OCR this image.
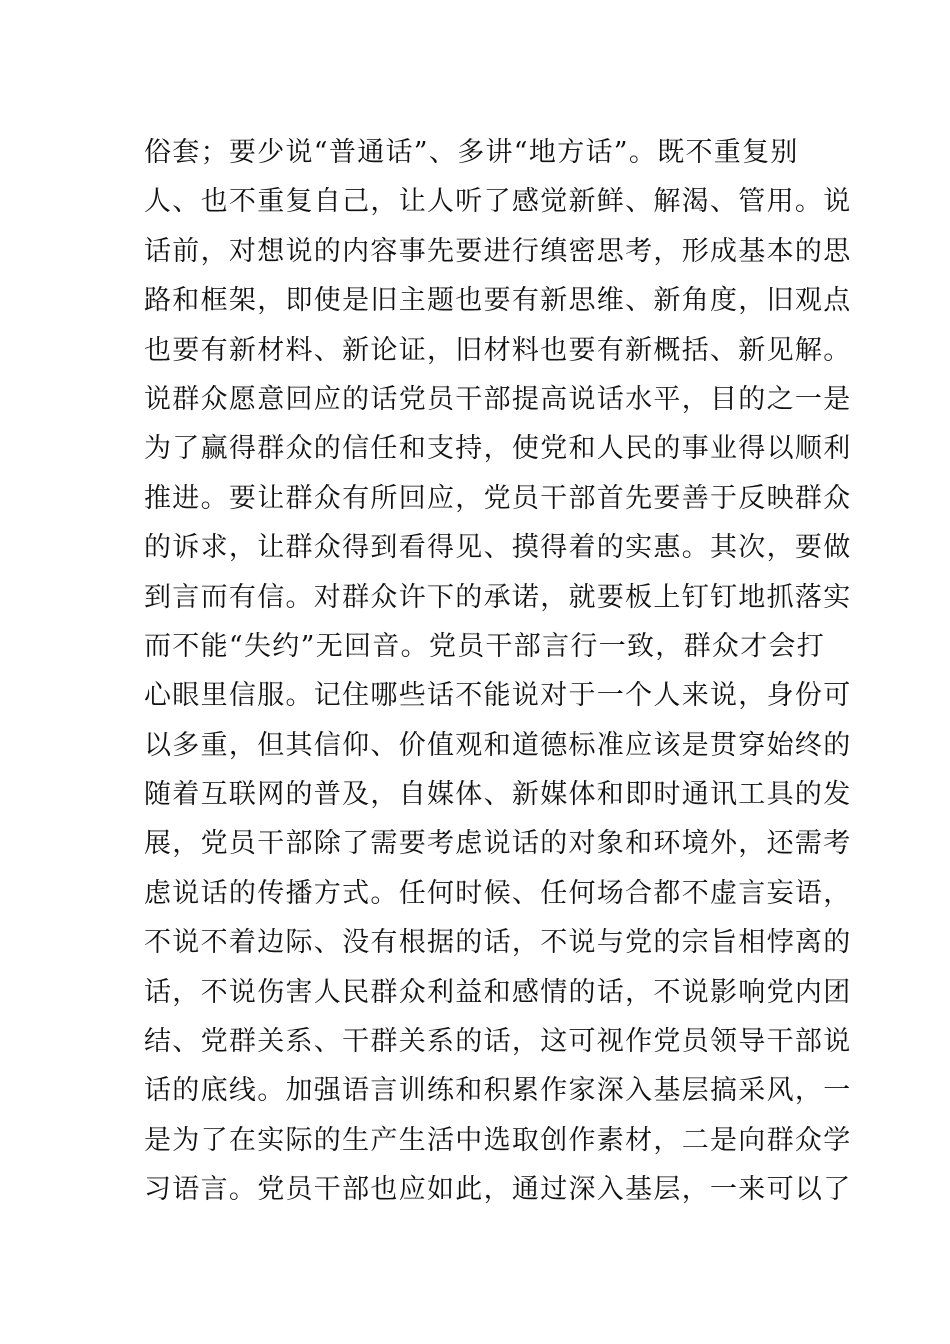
俗套；要少说“普通话”、多讲“地方话”。既不重复别
人、也不重复自己，让人听了感觉新鲜、解渴、管用。说
话前，对想说的内容事先要进行缜密思考，形成基本的思
路和框架，即使是旧主题也要有新思维、新角度，旧观点
也要有新材料、新论证，旧材料也要有新概括、新见解。
说群众愿意回应的话党员干部提高说话水平，目的之一是
为了赢得群众的信任和支持，使党和人民的事业得以顺利
推进。要让群众有所回应，党员干部首先要善于反映群众
的诉求，让群众得到看得见、摸得着的实惠。其次，要做
到言而有信。对群众许下的承诺，就要板上钉钉地抓落实
而不能“失约”无回音。党员干部言行一致，群众才会打
心眼里信服。记住哪些话不能说对于一个人来说，身份可
以多重，但其信仰、价值观和道德标准应该是贯穿始终的
随着互联网的普及，自媒体、新媒体和即时通讯工具的发
展，党员干部除了需要考虑说话的对象和环境外，还需考
虑说话的传播方式。任何时候、任何场合都不虚言妄语，
不说不着边际、没有根据的话，不说与党的宗旨相悖离的
话，不说伤害人民群众利益和感情的话，不说影响党内团
结、党群关系、干群关系的话，这可视作党员领导干部说
话的底线。加强语言训练和积累作家深入基层搞采风，一
是为了在实际的生产生活中选取创作素材，二是向群众学
习语言。党员干部也应如此，通过深入基层，一来可以了
